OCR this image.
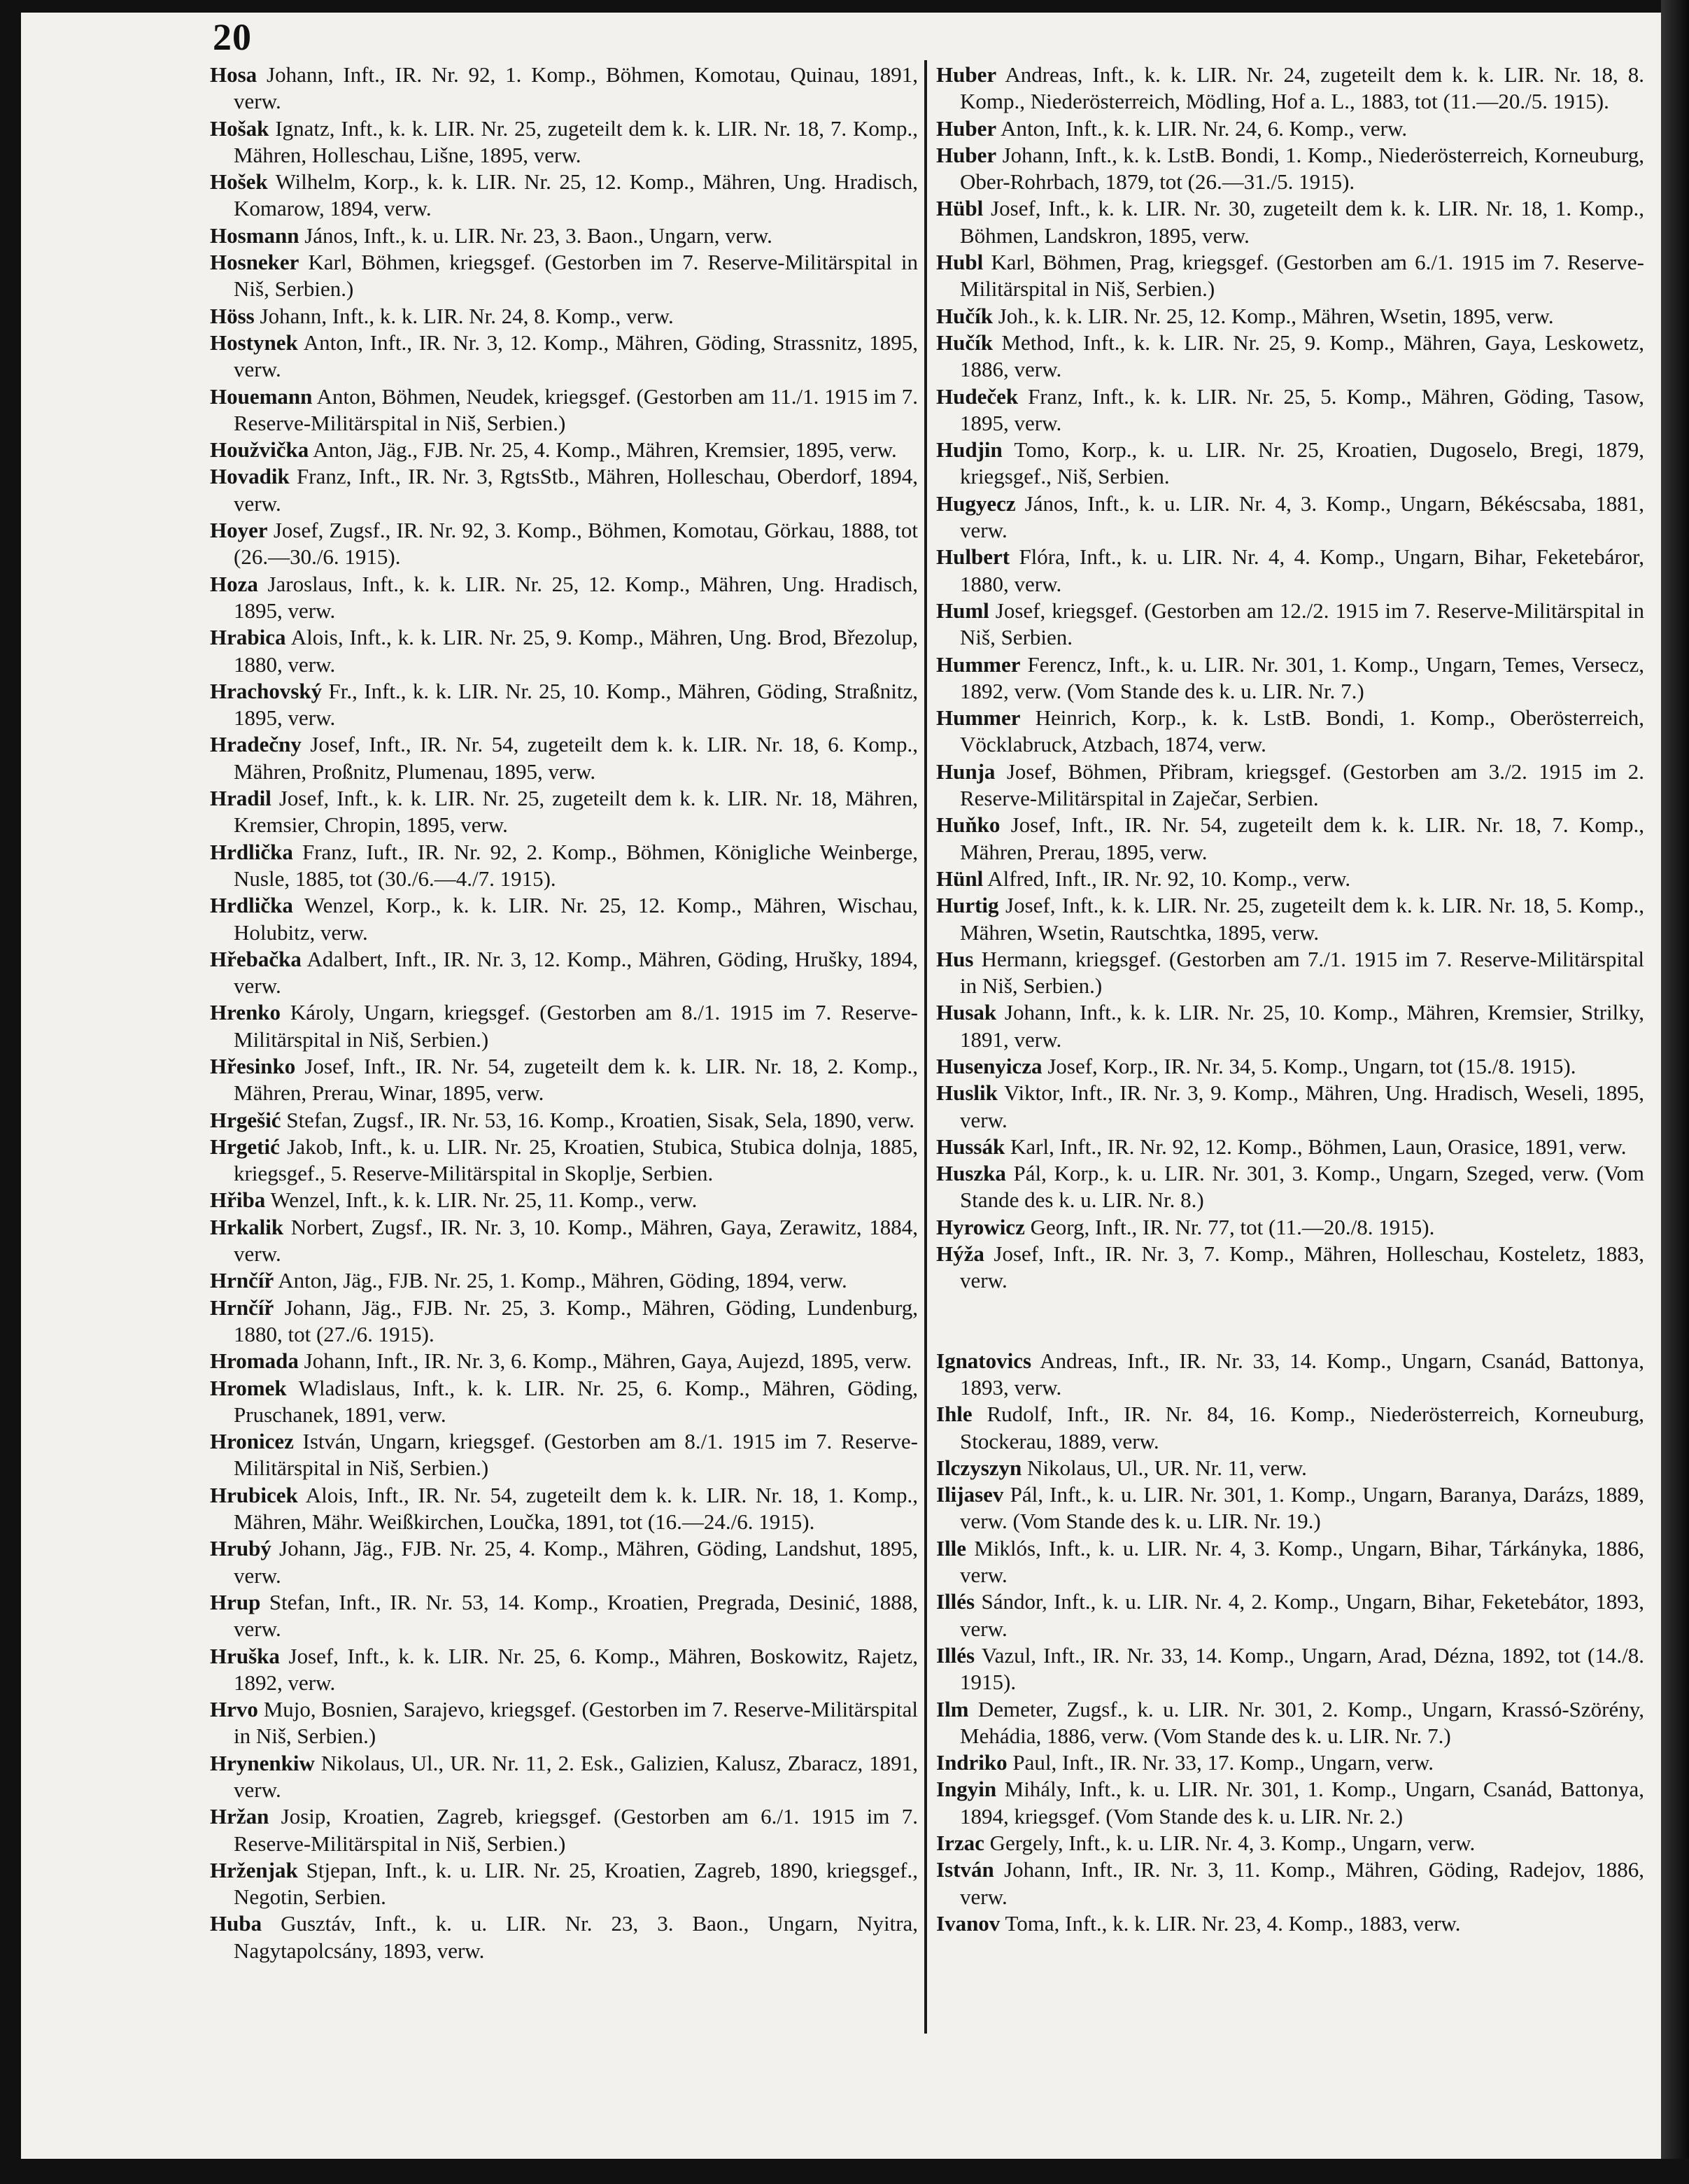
20
Hosa Johann, Inft., IR. Nr. 92, 1. Komp., Böhmen, Komotau, Quinau, 1891, verw.
Hošak Ignatz, Inft., k. k. LIR. Nr. 25, zugeteilt dem k. k. LIR. Nr. 18, 7. Komp., Mähren, Holleschau, Lišne, 1895, verw.
Hošek Wilhelm, Korp., k. k. LIR. Nr. 25, 12. Komp., Mähren, Ung. Hradisch, Komarow, 1894, verw.
Hosmann János, Inft., k. u. LIR. Nr. 23, 3. Baon., Ungarn, verw.
Hosneker Karl, Böhmen, kriegsgef. (Gestorben im 7. Reserve-Militärspital in Niš, Serbien.)
Höss Johann, Inft., k. k. LIR. Nr. 24, 8. Komp., verw.
Hostynek Anton, Inft., IR. Nr. 3, 12. Komp., Mähren, Göding, Strassnitz, 1895, verw.
Houemann Anton, Böhmen, Neudek, kriegsgef. (Gestorben am 11./1. 1915 im 7. Reserve-Militärspital in Niš, Serbien.)
Houžvička Anton, Jäg., FJB. Nr. 25, 4. Komp., Mähren, Kremsier, 1895, verw.
Hovadik Franz, Inft., IR. Nr. 3, RgtsStb., Mähren, Holleschau, Oberdorf, 1894, verw.
Hoyer Josef, Zugsf., IR. Nr. 92, 3. Komp., Böhmen, Komotau, Görkau, 1888, tot (26.—30./6. 1915).
Hoza Jaroslaus, Inft., k. k. LIR. Nr. 25, 12. Komp., Mähren, Ung. Hradisch, 1895, verw.
Hrabica Alois, Inft., k. k. LIR. Nr. 25, 9. Komp., Mähren, Ung. Brod, Březolup, 1880, verw.
Hrachovský Fr., Inft., k. k. LIR. Nr. 25, 10. Komp., Mähren, Göding, Straßnitz, 1895, verw.
Hradečny Josef, Inft., IR. Nr. 54, zugeteilt dem k. k. LIR. Nr. 18, 6. Komp., Mähren, Proßnitz, Plumenau, 1895, verw.
Hradil Josef, Inft., k. k. LIR. Nr. 25, zugeteilt dem k. k. LIR. Nr. 18, Mähren, Kremsier, Chropin, 1895, verw.
Hrdlička Franz, Iuft., IR. Nr. 92, 2. Komp., Böhmen, Königliche Weinberge, Nusle, 1885, tot (30./6.—4./7. 1915).
Hrdlička Wenzel, Korp., k. k. LIR. Nr. 25, 12. Komp., Mähren, Wischau, Holubitz, verw.
Hřebačka Adalbert, Inft., IR. Nr. 3, 12. Komp., Mähren, Göding, Hrušky, 1894, verw.
Hrenko Károly, Ungarn, kriegsgef. (Gestorben am 8./1. 1915 im 7. Reserve-Militärspital in Niš, Serbien.)
Hřesinko Josef, Inft., IR. Nr. 54, zugeteilt dem k. k. LIR. Nr. 18, 2. Komp., Mähren, Prerau, Winar, 1895, verw.
Hrgešić Stefan, Zugsf., IR. Nr. 53, 16. Komp., Kroatien, Sisak, Sela, 1890, verw.
Hrgetić Jakob, Inft., k. u. LIR. Nr. 25, Kroatien, Stubica, Stubica dolnja, 1885, kriegsgef., 5. Reserve-Militärspital in Skoplje, Serbien.
Hřiba Wenzel, Inft., k. k. LIR. Nr. 25, 11. Komp., verw.
Hrkalik Norbert, Zugsf., IR. Nr. 3, 10. Komp., Mähren, Gaya, Zerawitz, 1884, verw.
Hrnčíř Anton, Jäg., FJB. Nr. 25, 1. Komp., Mähren, Göding, 1894, verw.
Hrnčíř Johann, Jäg., FJB. Nr. 25, 3. Komp., Mähren, Göding, Lundenburg, 1880, tot (27./6. 1915).
Hromada Johann, Inft., IR. Nr. 3, 6. Komp., Mähren, Gaya, Aujezd, 1895, verw.
Hromek Wladislaus, Inft., k. k. LIR. Nr. 25, 6. Komp., Mähren, Göding, Pruschanek, 1891, verw.
Hronicez István, Ungarn, kriegsgef. (Gestorben am 8./1. 1915 im 7. Reserve-Militärspital in Niš, Serbien.)
Hrubicek Alois, Inft., IR. Nr. 54, zugeteilt dem k. k. LIR. Nr. 18, 1. Komp., Mähren, Mähr. Weißkirchen, Loučka, 1891, tot (16.—24./6. 1915).
Hrubý Johann, Jäg., FJB. Nr. 25, 4. Komp., Mähren, Göding, Landshut, 1895, verw.
Hrup Stefan, Inft., IR. Nr. 53, 14. Komp., Kroatien, Pregrada, Desinić, 1888, verw.
Hruška Josef, Inft., k. k. LIR. Nr. 25, 6. Komp., Mähren, Boskowitz, Rajetz, 1892, verw.
Hrvo Mujo, Bosnien, Sarajevo, kriegsgef. (Gestorben im 7. Reserve-Militärspital in Niš, Serbien.)
Hrynenkiw Nikolaus, Ul., UR. Nr. 11, 2. Esk., Galizien, Kalusz, Zbaracz, 1891, verw.
Hržan Josip, Kroatien, Zagreb, kriegsgef. (Gestorben am 6./1. 1915 im 7. Reserve-Militärspital in Niš, Serbien.)
Hrženjak Stjepan, Inft., k. u. LIR. Nr. 25, Kroatien, Zagreb, 1890, kriegsgef., Negotin, Serbien.
Huba Gusztáv, Inft., k. u. LIR. Nr. 23, 3. Baon., Ungarn, Nyitra, Nagytapolcsány, 1893, verw.
Huber Andreas, Inft., k. k. LIR. Nr. 24, zugeteilt dem k. k. LIR. Nr. 18, 8. Komp., Niederösterreich, Mödling, Hof a. L., 1883, tot (11.—20./5. 1915).
Huber Anton, Inft., k. k. LIR. Nr. 24, 6. Komp., verw.
Huber Johann, Inft., k. k. LstB. Bondi, 1. Komp., Niederösterreich, Korneuburg, Ober-Rohrbach, 1879, tot (26.—31./5. 1915).
Hübl Josef, Inft., k. k. LIR. Nr. 30, zugeteilt dem k. k. LIR. Nr. 18, 1. Komp., Böhmen, Landskron, 1895, verw.
Hubl Karl, Böhmen, Prag, kriegsgef. (Gestorben am 6./1. 1915 im 7. Reserve-Militärspital in Niš, Serbien.)
Hučík Joh., k. k. LIR. Nr. 25, 12. Komp., Mähren, Wsetin, 1895, verw.
Hučík Method, Inft., k. k. LIR. Nr. 25, 9. Komp., Mähren, Gaya, Leskowetz, 1886, verw.
Hudeček Franz, Inft., k. k. LIR. Nr. 25, 5. Komp., Mähren, Göding, Tasow, 1895, verw.
Hudjin Tomo, Korp., k. u. LIR. Nr. 25, Kroatien, Dugoselo, Bregi, 1879, kriegsgef., Niš, Serbien.
Hugyecz János, Inft., k. u. LIR. Nr. 4, 3. Komp., Ungarn, Békéscsaba, 1881, verw.
Hulbert Flóra, Inft., k. u. LIR. Nr. 4, 4. Komp., Ungarn, Bihar, Feketebáror, 1880, verw.
Huml Josef, kriegsgef. (Gestorben am 12./2. 1915 im 7. Reserve-Militärspital in Niš, Serbien.
Hummer Ferencz, Inft., k. u. LIR. Nr. 301, 1. Komp., Ungarn, Temes, Versecz, 1892, verw. (Vom Stande des k. u. LIR. Nr. 7.)
Hummer Heinrich, Korp., k. k. LstB. Bondi, 1. Komp., Oberösterreich, Vöcklabruck, Atzbach, 1874, verw.
Hunja Josef, Böhmen, Přibram, kriegsgef. (Gestorben am 3./2. 1915 im 2. Reserve-Militärspital in Zaječar, Serbien.
Huňko Josef, Inft., IR. Nr. 54, zugeteilt dem k. k. LIR. Nr. 18, 7. Komp., Mähren, Prerau, 1895, verw.
Hünl Alfred, Inft., IR. Nr. 92, 10. Komp., verw.
Hurtig Josef, Inft., k. k. LIR. Nr. 25, zugeteilt dem k. k. LIR. Nr. 18, 5. Komp., Mähren, Wsetin, Rautschtka, 1895, verw.
Hus Hermann, kriegsgef. (Gestorben am 7./1. 1915 im 7. Reserve-Militärspital in Niš, Serbien.)
Husak Johann, Inft., k. k. LIR. Nr. 25, 10. Komp., Mähren, Kremsier, Strilky, 1891, verw.
Husenyicza Josef, Korp., IR. Nr. 34, 5. Komp., Ungarn, tot (15./8. 1915).
Huslik Viktor, Inft., IR. Nr. 3, 9. Komp., Mähren, Ung. Hradisch, Weseli, 1895, verw.
Hussák Karl, Inft., IR. Nr. 92, 12. Komp., Böhmen, Laun, Orasice, 1891, verw.
Huszka Pál, Korp., k. u. LIR. Nr. 301, 3. Komp., Ungarn, Szeged, verw. (Vom Stande des k. u. LIR. Nr. 8.)
Hyrowicz Georg, Inft., IR. Nr. 77, tot (11.—20./8. 1915).
Hýža Josef, Inft., IR. Nr. 3, 7. Komp., Mähren, Holleschau, Kosteletz, 1883, verw.
Ignatovics Andreas, Inft., IR. Nr. 33, 14. Komp., Ungarn, Csanád, Battonya, 1893, verw.
Ihle Rudolf, Inft., IR. Nr. 84, 16. Komp., Niederösterreich, Korneuburg, Stockerau, 1889, verw.
Ilczyszyn Nikolaus, Ul., UR. Nr. 11, verw.
Ilijasev Pál, Inft., k. u. LIR. Nr. 301, 1. Komp., Ungarn, Baranya, Darázs, 1889, verw. (Vom Stande des k. u. LIR. Nr. 19.)
Ille Miklós, Inft., k. u. LIR. Nr. 4, 3. Komp., Ungarn, Bihar, Tárkányka, 1886, verw.
Illés Sándor, Inft., k. u. LIR. Nr. 4, 2. Komp., Ungarn, Bihar, Feketebátor, 1893, verw.
Illés Vazul, Inft., IR. Nr. 33, 14. Komp., Ungarn, Arad, Dézna, 1892, tot (14./8. 1915).
Ilm Demeter, Zugsf., k. u. LIR. Nr. 301, 2. Komp., Ungarn, Krassó-Szörény, Mehádia, 1886, verw. (Vom Stande des k. u. LIR. Nr. 7.)
Indriko Paul, Inft., IR. Nr. 33, 17. Komp., Ungarn, verw.
Ingyin Mihály, Inft., k. u. LIR. Nr. 301, 1. Komp., Ungarn, Csanád, Battonya, 1894, kriegsgef. (Vom Stande des k. u. LIR. Nr. 2.)
Irzac Gergely, Inft., k. u. LIR. Nr. 4, 3. Komp., Ungarn, verw.
István Johann, Inft., IR. Nr. 3, 11. Komp., Mähren, Göding, Radejov, 1886, verw.
Ivanov Toma, Inft., k. k. LIR. Nr. 23, 4. Komp., 1883, verw.
